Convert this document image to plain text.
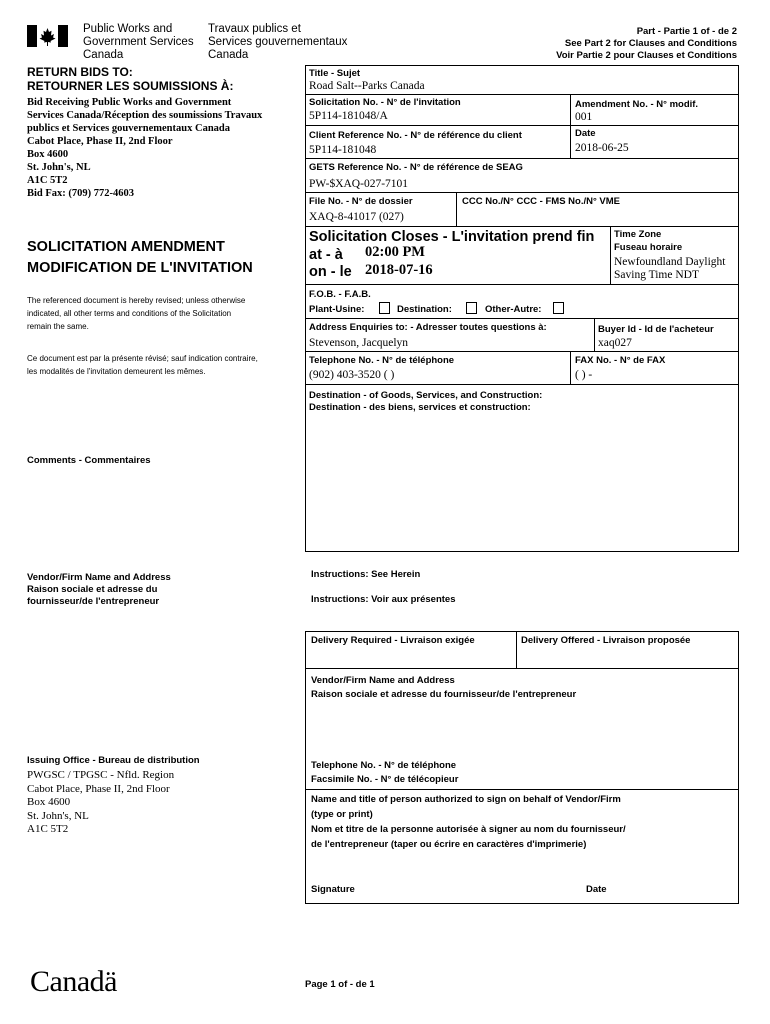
Public Works and
Government Services
Canada
Travaux publics et
Services gouvernementaux
Canada
Part - Partie 1 of - de 2
See Part 2 for Clauses and Conditions
Voir Partie 2 pour Clauses et Conditions
RETURN BIDS TO:
RETOURNER LES SOUMISSIONS À:
Bid Receiving Public Works and Government
Services Canada/Réception des soumissions Travaux
publics et Services gouvernementaux Canada
Cabot Place, Phase II, 2nd Floor
Box 4600
St. John's, NL
A1C 5T2
Bid Fax: (709) 772-4603
SOLICITATION AMENDMENT
MODIFICATION DE L'INVITATION
The referenced document is hereby revised; unless otherwise
indicated, all other terms and conditions of the Solicitation
remain the same.
Ce document est par la présente révisé; sauf indication contraire,
les modalités de l'invitation demeurent les mêmes.
Comments - Commentaires
Vendor/Firm Name and Address
Raison sociale et adresse du
fournisseur/de l'entrepreneur
Issuing Office - Bureau de distribution
PWGSC / TPGSC - Nfld. Region
Cabot Place, Phase II, 2nd Floor
Box 4600
St. John's, NL
A1C 5T2
Title - Sujet
Road Salt--Parks Canada
Solicitation No. - N° de l'invitation
5P114-181048/A
Amendment No. - N° modif.
001
Client Reference No. - N° de référence du client
5P114-181048
Date
2018-06-25
GETS Reference No. - N° de référence de SEAG
PW-$XAQ-027-7101
File No. - N° de dossier
XAQ-8-41017 (027)
CCC No./N° CCC - FMS No./N° VME
Solicitation Closes - L'invitation prend fin
at - à 02:00 PM
on - le 2018-07-16
Time Zone
Fuseau horaire
Newfoundland Daylight
Saving Time NDT
F.O.B. - F.A.B.
Plant-Usine:	Destination:	Other-Autre:
Address Enquiries to: - Adresser toutes questions à:
Stevenson, Jacquelyn
Buyer Id - Id de l'acheteur
xaq027
Telephone No. - N° de téléphone
(902) 403-3520 ( )
FAX No. - N° de FAX
( ) -
Destination - of Goods, Services, and Construction:
Destination - des biens, services et construction:
Instructions: See Herein
Instructions: Voir aux présentes
Delivery Required - Livraison exigée	Delivery Offered - Livraison proposée
Vendor/Firm Name and Address
Raison sociale et adresse du fournisseur/de l'entrepreneur
Telephone No. - N° de téléphone
Facsimile No. - N° de télécopieur
Name and title of person authorized to sign on behalf of Vendor/Firm
(type or print)
Nom et titre de la personne autorisée à signer au nom du fournisseur/
de l'entrepreneur (taper ou écrire en caractères d'imprimerie)
Signature	Date
Canadä	Page 1 of - de 1
